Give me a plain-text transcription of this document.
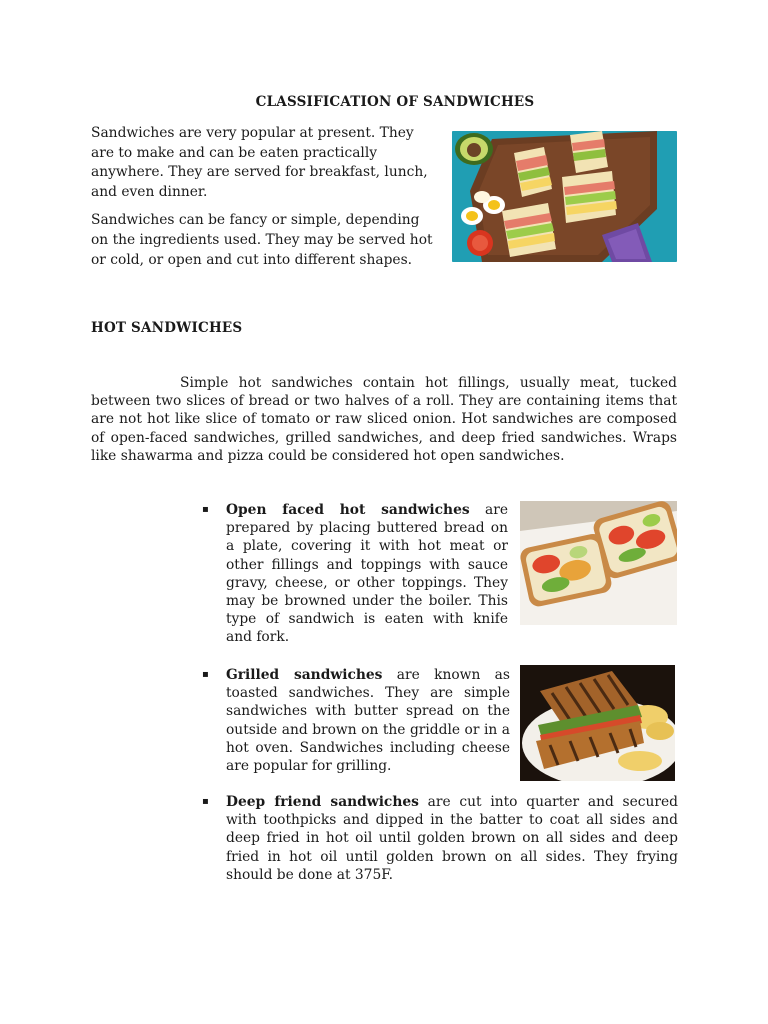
CLASSIFICATION OF SANDWICHES

Sandwiches are very popular at present. They are to make and can be eaten practically anywhere. They are served for breakfast, lunch, and even dinner.

Sandwiches can be fancy or simple, depending on the ingredients used. They may be served hot or cold, or open and cut into different shapes.

HOT SANDWICHES

Simple hot sandwiches contain hot fillings, usually meat, tucked between two slices of bread or two halves of a roll. They are containing items that are not hot like slice of tomato or raw sliced onion. Hot sandwiches are composed of open-faced sandwiches, grilled sandwiches, and deep fried sandwiches. Wraps like shawarma and pizza could be considered hot open sandwiches.

▪ Open faced hot sandwiches are prepared by placing buttered bread on a plate, covering it with hot meat or other fillings and toppings with sauce gravy, cheese, or other toppings. They may be browned under the boiler. This type of sandwich is eaten with knife and fork.

▪ Grilled sandwiches are known as toasted sandwiches. They are simple sandwiches with butter spread on the outside and brown on the griddle or in a hot oven. Sandwiches including cheese are popular for grilling.

▪ Deep friend sandwiches are cut into quarter and secured with toothpicks and dipped in the batter to coat all sides and deep fried in hot oil until golden brown on all sides and deep fried in hot oil until golden brown on all sides. They frying should be done at 375F.
